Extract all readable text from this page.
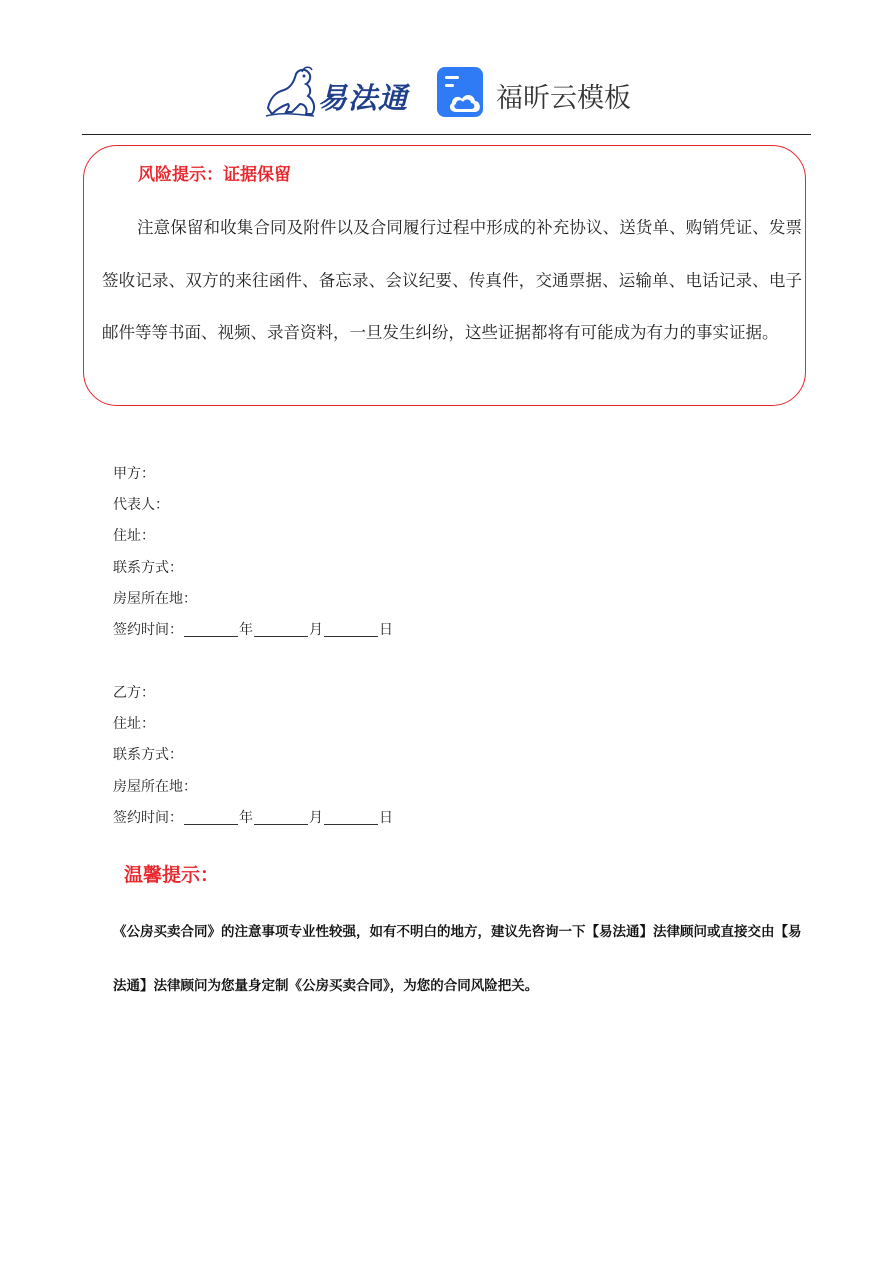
易法通	福昕云模板
风险提示：证据保留

注意保留和收集合同及附件以及合同履行过程中形成的补充协议、送货单、购销凭证、发票签收记录、双方的来往函件、备忘录、会议纪要、传真件，交通票据、运输单、电话记录、电子邮件等等书面、视频、录音资料，一旦发生纠纷，这些证据都将有可能成为有力的事实证据。

甲方：
代表人：
住址：
联系方式：
房屋所在地：
签约时间：	年	月	日
乙方：
住址：
联系方式：
房屋所在地：
签约时间：	年	月	日
温馨提示：

《公房买卖合同》的注意事项专业性较强，如有不明白的地方，建议先咨询一下【易法通】法律顾问或直接交由【易法通】法律顾问为您量身定制《公房买卖合同》，为您的合同风险把关。
